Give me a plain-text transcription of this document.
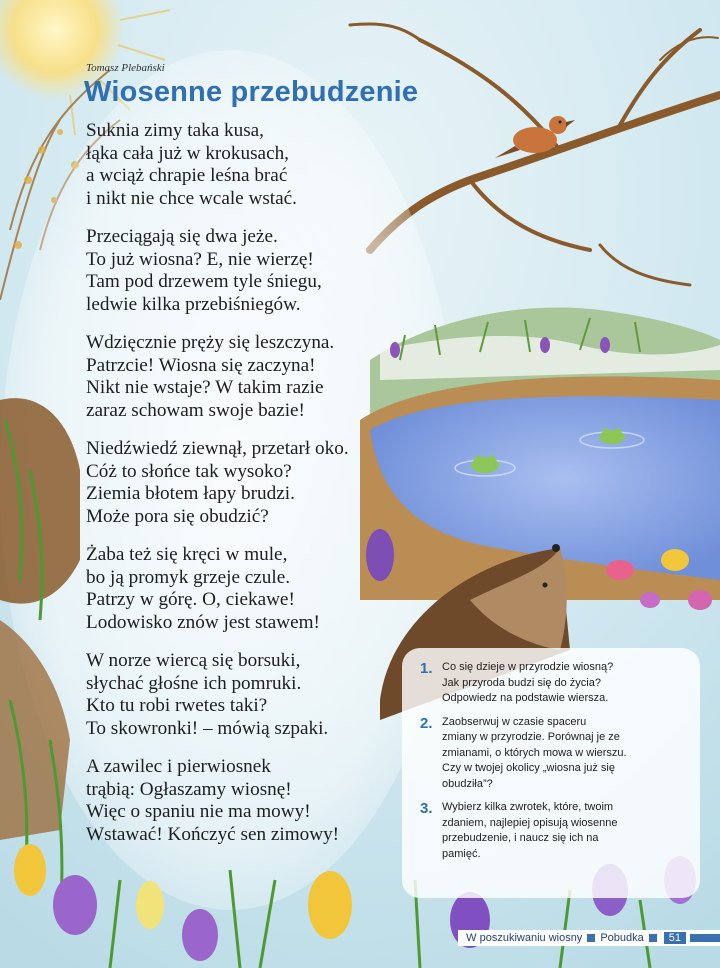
Tomasz Plebański
Wiosenne przebudzenie
Suknia zimy taka kusa,
łąka cała już w krokusach,
a wciąż chrapie leśna brać
i nikt nie chce wcale wstać.
Przeciągają się dwa jeże.
To już wiosna? E, nie wierzę!
Tam pod drzewem tyle śniegu,
ledwie kilka przebiśniegów.
Wdzięcznie pręży się leszczyna.
Patrzcie! Wiosna się zaczyna!
Nikt nie wstaje? W takim razie
zaraz schowam swoje bazie!
Niedźwiedź ziewnął, przetarł oko.
Cóż to słońce tak wysoko?
Ziemia błotem łapy brudzi.
Może pora się obudzić?
Żaba też się kręci w mule,
bo ją promyk grzeje czule.
Patrzy w górę. O, ciekawe!
Lodowisko znów jest stawem!
W norze wiercą się borsuki,
słychać głośne ich pomruki.
Kto tu robi rwetes taki?
To skowronki! – mówią szpaki.
A zawilec i pierwiosnek
trąbią: Ogłaszamy wiosnę!
Więc o spaniu nie ma mowy!
Wstawać! Kończyć sen zimowy!
1. Co się dzieje w przyrodzie wiosną?
Jak przyroda budzi się do życia?
Odpowiedz na podstawie wiersza.
2. Zaobserwuj w czasie spaceru
zmiany w przyrodzie. Porównaj je ze
zmianami, o których mowa w wierszu.
Czy w twojej okolicy „wiosna już się
obudziła”?
3. Wybierz kilka zwrotek, które, twoim
zdaniem, najlepiej opisują wiosenne
przebudzenie, i naucz się ich na
pamięć.
W poszukiwaniu wiosny Pobudka	51
